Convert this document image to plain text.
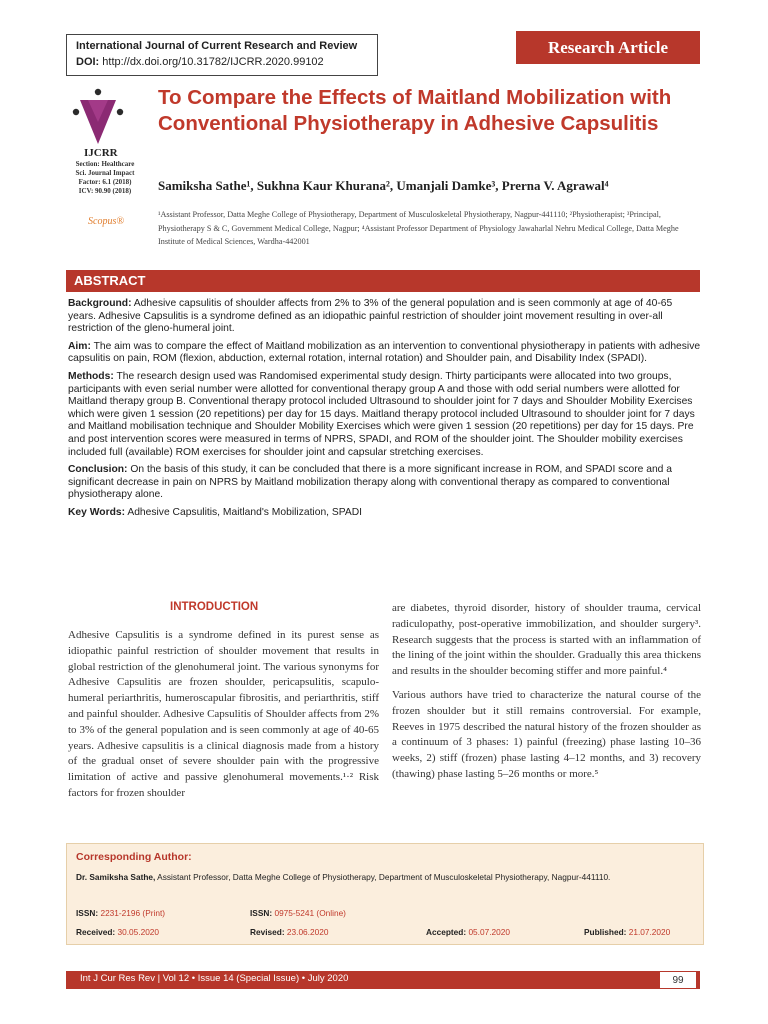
International Journal of Current Research and Review
DOI: http://dx.doi.org/10.31782/IJCRR.2020.99102
Research Article
IJCRR
Section: Healthcare
Sci. Journal Impact
Factor: 6.1 (2018)
ICV: 90.90 (2018)
Scopus®
To Compare the Effects of Maitland Mobilization with Conventional Physiotherapy in Adhesive Capsulitis
Samiksha Sathe¹, Sukhna Kaur Khurana², Umanjali Damke³, Prerna V. Agrawal⁴
¹Assistant Professor, Datta Meghe College of Physiotherapy, Department of Musculoskeletal Physiotherapy, Nagpur-441110; ²Physiotherapist; ³Principal, Physiotherapy S & C, Government Medical College, Nagpur; ⁴Assistant Professor Department of Physiology Jawaharlal Nehru Medical College, Datta Meghe Institute of Medical Sciences, Wardha-442001
ABSTRACT

Background: Adhesive capsulitis of shoulder affects from 2% to 3% of the general population and is seen commonly at age of 40-65 years. Adhesive Capsulitis is a syndrome defined as an idiopathic painful restriction of shoulder joint movement resulting in over-all restriction of the gleno-humeral joint.

Aim: The aim was to compare the effect of Maitland mobilization as an intervention to conventional physiotherapy in patients with adhesive capsulitis on pain, ROM (flexion, abduction, external rotation, internal rotation) and Shoulder pain, and Disability Index (SPADI).

Methods: The research design used was Randomised experimental study design. Thirty participants were allocated into two groups, participants with even serial number were allotted for conventional therapy group A and those with odd serial numbers were allotted for Maitland therapy group B. Conventional therapy protocol included Ultrasound to shoulder joint for 7 days and Shoulder Mobility Exercises which were given 1 session (20 repetitions) per day for 15 days. Maitland therapy protocol included Ultrasound to shoulder joint for 7 days and Maitland mobilisation technique and Shoulder Mobility Exercises which were given 1 session (20 repetitions) per day for 15 days. Pre and post intervention scores were measured in terms of NPRS, SPADI, and ROM of the shoulder joint. The Shoulder mobility exercises included full (available) ROM exercises for shoulder joint and capsular stretching exercises.

Conclusion: On the basis of this study, it can be concluded that there is a more significant increase in ROM, and SPADI score and a significant decrease in pain on NPRS by Maitland mobilization therapy along with conventional therapy as compared to conventional physiotherapy alone.

Key Words: Adhesive Capsulitis, Maitland's Mobilization, SPADI

INTRODUCTION

Adhesive Capsulitis is a syndrome defined in its purest sense as idiopathic painful restriction of shoulder movement that results in global restriction of the glenohumeral joint. The various synonyms for Adhesive Capsulitis are frozen shoulder, pericapsulitis, scapulo-humeral periarthritis, humeroscapular fibrositis, and periarthritis, stiff and painful shoulder. Adhesive Capsulitis of Shoulder affects from 2% to 3% of the general population and is seen commonly at age of 40-65 years. Adhesive capsulitis is a clinical diagnosis made from a history of the gradual onset of severe shoulder pain with the progressive limitation of active and passive glenohumeral movements.¹·² Risk factors for frozen shoulder

are diabetes, thyroid disorder, history of shoulder trauma, cervical radiculopathy, post-operative immobilization, and shoulder surgery³. Research suggests that the process is started with an inflammation of the lining of the joint within the shoulder. Gradually this area thickens and results in the shoulder becoming stiffer and more painful.⁴

Various authors have tried to characterize the natural course of the frozen shoulder but it still remains controversial. For example, Reeves in 1975 described the natural history of the frozen shoulder as a continuum of 3 phases: 1) painful (freezing) phase lasting 10–36 weeks, 2) stiff (frozen) phase lasting 4–12 months, and 3) recovery (thawing) phase lasting 5–26 months or more.⁵

Corresponding Author:
Dr. Samiksha Sathe, Assistant Professor, Datta Meghe College of Physiotherapy, Department of Musculoskeletal Physiotherapy, Nagpur-441110.
ISSN: 2231-2196 (Print)	ISSN: 0975-5241 (Online)
Received: 30.05.2020	Revised: 23.06.2020	Accepted: 05.07.2020	Published: 21.07.2020
Int J Cur Res Rev | Vol 12 • Issue 14 (Special Issue) • July 2020	99
